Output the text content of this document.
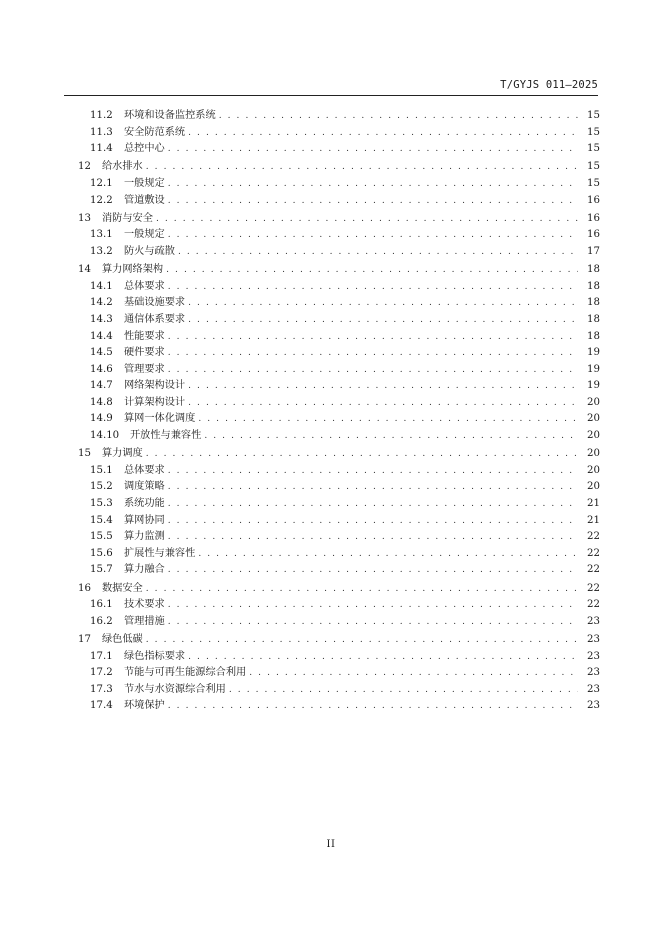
T/GYJS 011—2025
11.2	环境和设备监控系统 . . .	15
11.3	安全防范系统 . . .	15
11.4	总控中心 . . .	15
12	给水排水 . . .	15
12.1	一般规定 . . .	15
12.2	管道敷设 . . .	16
13	消防与安全 . . .	16
13.1	一般规定 . . .	16
13.2	防火与疏散 . . .	17
14	算力网络架构 . . .	18
14.1	总体要求 . . .	18
14.2	基础设施要求 . . .	18
14.3	通信体系要求 . . .	18
14.4	性能要求 . . .	18
14.5	硬件要求 . . .	19
14.6	管理要求 . . .	19
14.7	网络架构设计 . . .	19
14.8	计算架构设计 . . .	20
14.9	算网一体化调度 . . .	20
14.10	开放性与兼容性 . . .	20
15	算力调度 . . .	20
15.1	总体要求 . . .	20
15.2	调度策略 . . .	20
15.3	系统功能 . . .	21
15.4	算网协同 . . .	21
15.5	算力监测 . . .	22
15.6	扩展性与兼容性 . . .	22
15.7	算力融合 . . .	22
16	数据安全 . . .	22
16.1	技术要求 . . .	22
16.2	管理措施 . . .	23
17	绿色低碳 . . .	23
17.1	绿色指标要求 . . .	23
17.2	节能与可再生能源综合利用 . . .	23
17.3	节水与水资源综合利用 . . .	23
17.4	环境保护 . . .	23
II
